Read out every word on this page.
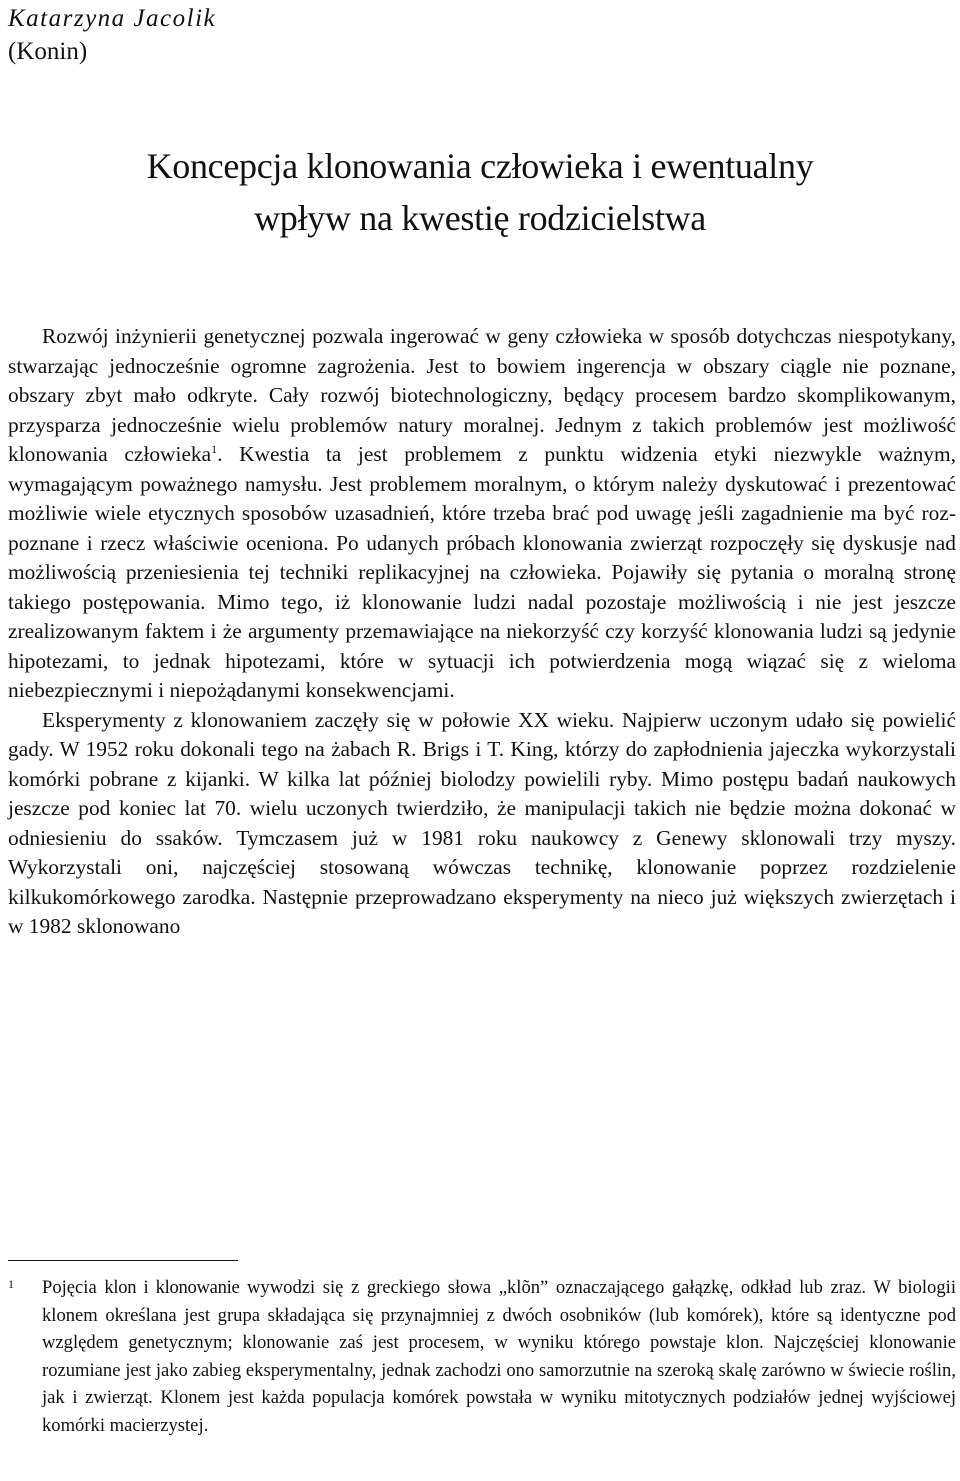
Katarzyna Jacolik
(Konin)
Koncepcja klonowania człowieka i ewentualny
wpływ na kwestię rodzicielstwa

Rozwój inżynierii genetycznej pozwala ingerować w geny człowieka w sposób dotychczas niespotykany, stwarzając jednocześnie ogromne zagrożenia. Jest to bowiem ingerencja w obszary ciągle nie poznane, obszary zbyt mało odkryte. Cały rozwój biotechnologiczny, będący procesem bardzo skomplikowanym, przysparza jednocześnie wielu problemów natury moralnej. Jednym z takich problemów jest możliwość klonowania człowieka$^1$. Kwestia ta jest problemem z punktu widzenia etyki niezwykle ważnym, wymagającym poważnego namysłu. Jest problemem moralnym, o którym należy dyskutować i prezentować możliwie wiele etycznych sposobów uzasadnień, które trzeba brać pod uwagę jeśli zagadnienie ma być rozpoznane i rzecz właściwie oceniona. Po udanych próbach klonowania zwierząt rozpoczęły się dyskusje nad możliwością przeniesienia tej techniki replikacyjnej na człowieka. Pojawiły się pytania o moralną stronę takiego postępowania. Mimo tego, iż klonowanie ludzi nadal pozostaje możliwością i nie jest jeszcze zrealizowanym faktem i że argumenty przemawiające na niekorzyść czy korzyść klonowania ludzi są jedynie hipotezami, to jednak hipotezami, które w sytuacji ich potwierdzenia mogą wiązać się z wieloma niebezpiecznymi i niepożądanymi konsekwencjami.

Eksperymenty z klonowaniem zaczęły się w połowie XX wieku. Najpierw uczonym udało się powielić gady. W 1952 roku dokonali tego na żabach R. Brigs i T. King, którzy do zapłodnienia jajeczka wykorzystali komórki pobrane z kijanki. W kilka lat później biolodzy powielili ryby. Mimo postępu badań naukowych jeszcze pod koniec lat 70. wielu uczonych twierdziło, że manipulacji takich nie będzie można dokonać w odniesieniu do ssaków. Tymczasem już w 1981 roku naukowcy z Genewy sklonowali trzy myszy. Wykorzystali oni, najczęściej stosowaną wówczas technikę, klonowanie poprzez rozdzielenie kilkukomórkowego zarodka. Następnie przeprowadzano eksperymenty na nieco już większych zwierzętach i w 1982 sklonowano

1 Pojęcia klon i klonowanie wywodzi się z greckiego słowa „klõn” oznaczającego gałązkę, odkład lub zraz. W biologii klonem określana jest grupa składająca się przynajmniej z dwóch osobników (lub komórek), które są identyczne pod względem genetycznym; klonowanie zaś jest procesem, w wyniku którego powstaje klon. Najczęściej klonowanie rozumiane jest jako zabieg eksperymentalny, jednak zachodzi ono samorzutnie na szeroką skalę zarówno w świecie roślin, jak i zwierząt. Klonem jest każda populacja komórek powstała w wyniku mitotycznych podziałów jednej wyjściowej komórki macierzystej.
